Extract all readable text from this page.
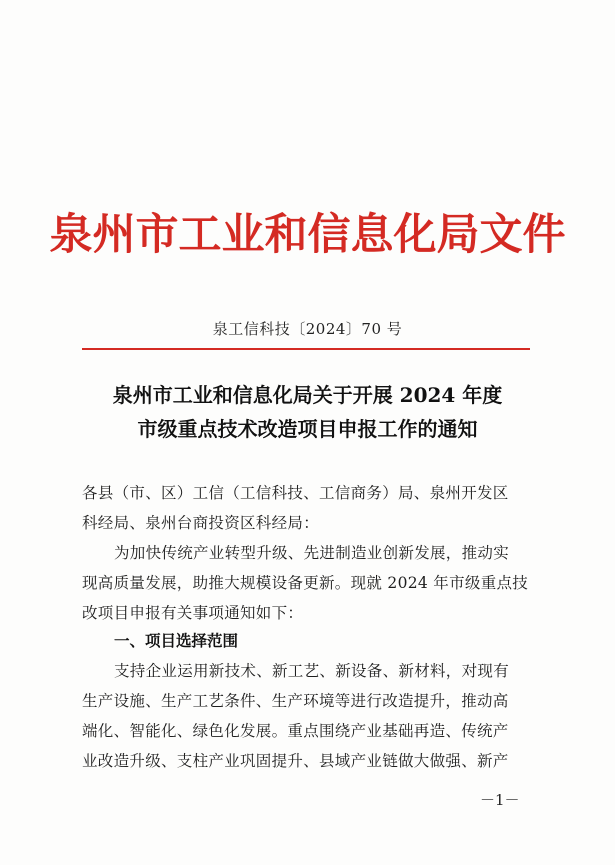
泉州市工业和信息化局文件
泉工信科技〔2024〕70 号
泉州市工业和信息化局关于开展 2024 年度
市级重点技术改造项目申报工作的通知
各县（市、区）工信（工信科技、工信商务）局、泉州开发区
科经局、泉州台商投资区科经局：
为加快传统产业转型升级、先进制造业创新发展，推动实
现高质量发展，助推大规模设备更新。现就 2024 年市级重点技
改项目申报有关事项通知如下：
一、项目选择范围
支持企业运用新技术、新工艺、新设备、新材料，对现有
生产设施、生产工艺条件、生产环境等进行改造提升，推动高
端化、智能化、绿色化发展。重点围绕产业基础再造、传统产
业改造升级、支柱产业巩固提升、县域产业链做大做强、新产
－1－
